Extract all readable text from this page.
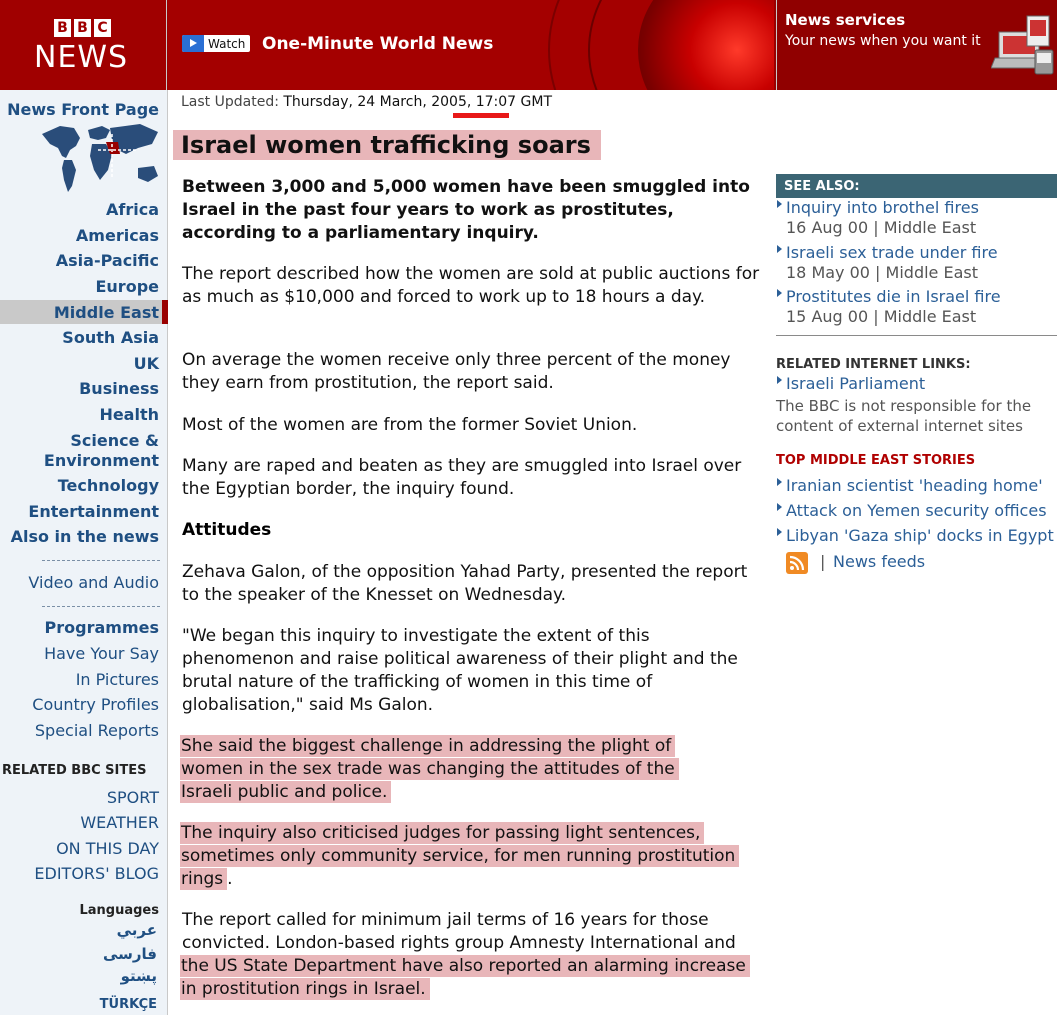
B B C
NEWS	Watch One-Minute World News
News services
Your news when you want it
News Front Page
Africa
Americas
Asia-Pacific
Europe
Middle East
South Asia
UK
Business
Health
Science &
Environment
Technology
Entertainment
Also in the news
Video and Audio
Programmes
Have Your Say
In Pictures
Country Profiles
Special Reports
RELATED BBC SITES
SPORT
WEATHER
ON THIS DAY
EDITORS' BLOG
Languages
عربي
فارسی
پښتو
TÜRKÇE
Last Updated: Thursday, 24 March, 2005, 17:07 GMT
Israel women trafficking soars

Between 3,000 and 5,000 women have been smuggled into Israel in the past four years to work as prostitutes, according to a parliamentary inquiry.

The report described how the women are sold at public auctions for as much as $10,000 and forced to work up to 18 hours a day.

On average the women receive only three percent of the money they earn from prostitution, the report said.

Most of the women are from the former Soviet Union.

Many are raped and beaten as they are smuggled into Israel over the Egyptian border, the inquiry found.

Attitudes

Zehava Galon, of the opposition Yahad Party, presented the report to the speaker of the Knesset on Wednesday.

"We began this inquiry to investigate the extent of this phenomenon and raise political awareness of their plight and the brutal nature of the trafficking of women in this time of globalisation," said Ms Galon.

She said the biggest challenge in addressing the plight of women in the sex trade was changing the attitudes of the Israeli public and police.

The inquiry also criticised judges for passing light sentences, sometimes only community service, for men running prostitution rings .

The report called for minimum jail terms of 16 years for those convicted. London-based rights group Amnesty International and the US State Department have also reported an alarming increase in prostitution rings in Israel.

SEE ALSO:
Inquiry into brothel fires
16 Aug 00 | Middle East
Israeli sex trade under fire
18 May 00 | Middle East
Prostitutes die in Israel fire
15 Aug 00 | Middle East
RELATED INTERNET LINKS:
Israeli Parliament
The BBC is not responsible for the content of external internet sites
TOP MIDDLE EAST STORIES
Iranian scientist 'heading home'
Attack on Yemen security offices
Libyan 'Gaza ship' docks in Egypt
| News feeds
